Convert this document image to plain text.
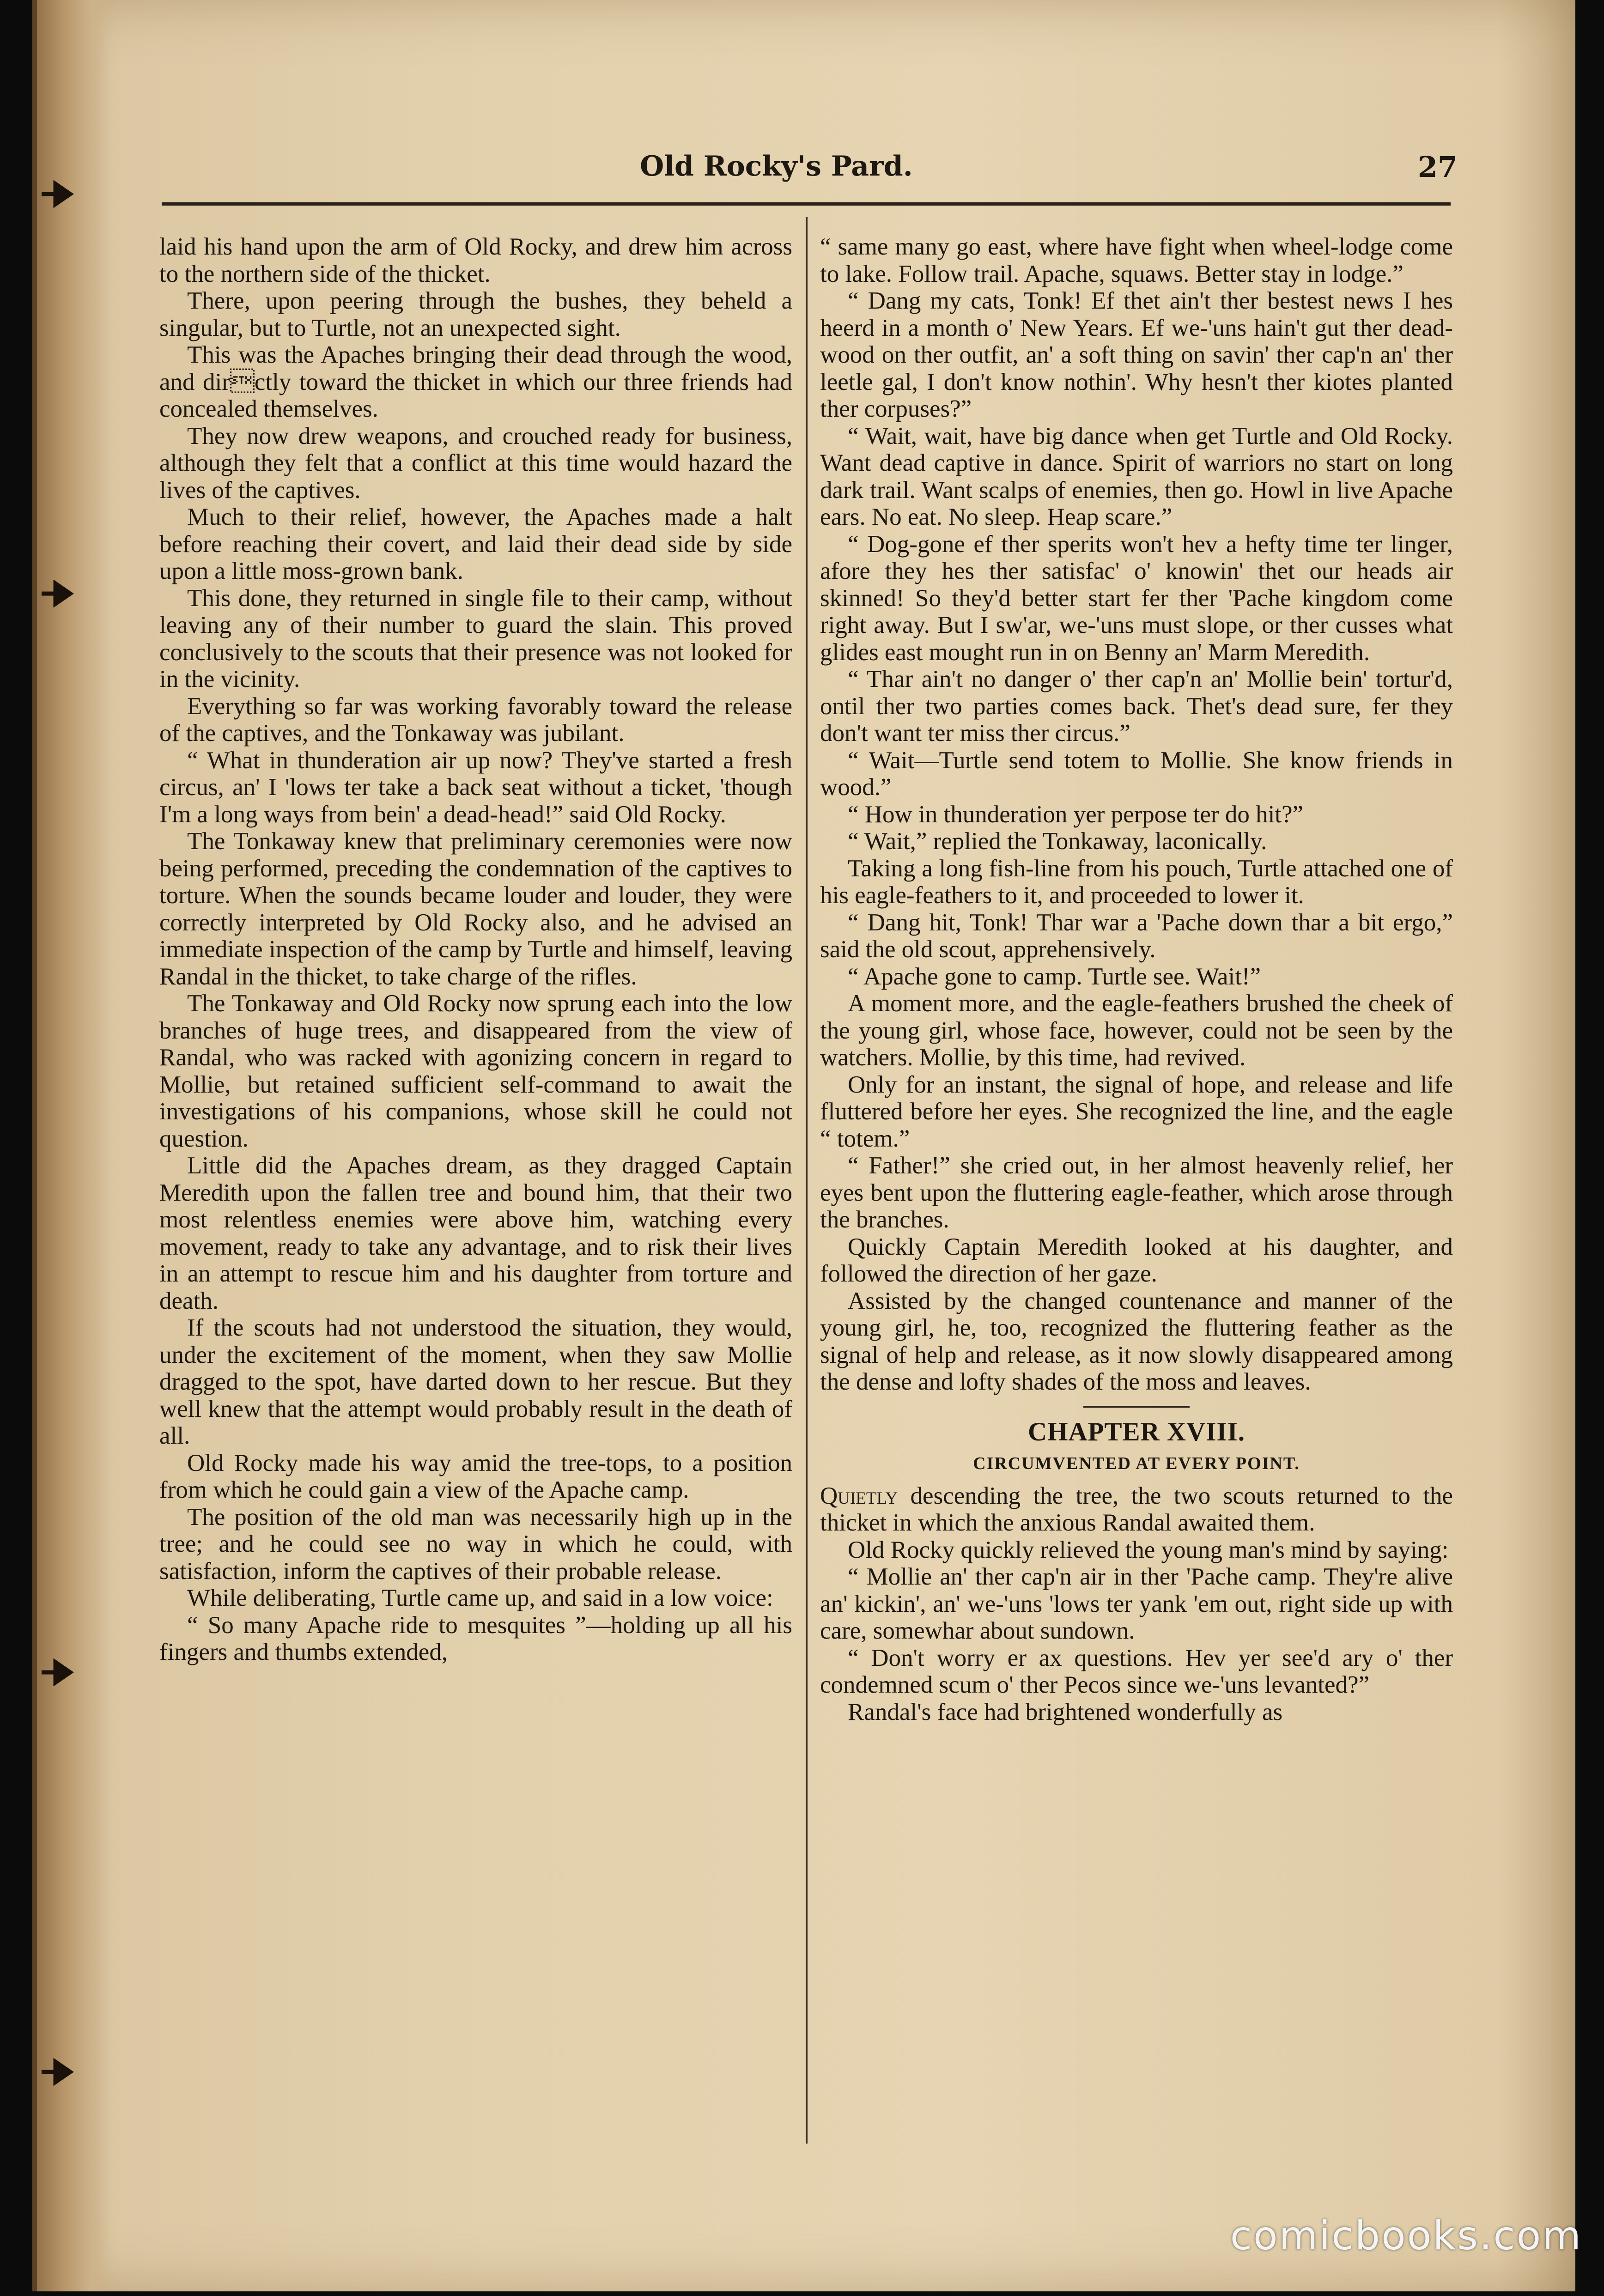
Old Rocky's Pard.	27

laid his hand upon the arm of Old Rocky, and drew him across to the northern side of the thicket.

There, upon peering through the bushes, they beheld a singular, but to Turtle, not an unexpected sight.

This was the Apaches bringing their dead through the wood, and dirctly toward the thicket in which our three friends had concealed themselves.

They now drew weapons, and crouched ready for business, although they felt that a conflict at this time would hazard the lives of the captives.

Much to their relief, however, the Apaches made a halt before reaching their covert, and laid their dead side by side upon a little moss-grown bank.

This done, they returned in single file to their camp, without leaving any of their number to guard the slain. This proved conclusively to the scouts that their presence was not looked for in the vicinity.

Everything so far was working favorably toward the release of the captives, and the Tonkaway was jubilant.

“ What in thunderation air up now? They've started a fresh circus, an' I 'lows ter take a back seat without a ticket, 'though I'm a long ways from bein' a dead-head!” said Old Rocky.

The Tonkaway knew that preliminary ceremonies were now being performed, preceding the condemnation of the captives to torture. When the sounds became louder and louder, they were correctly interpreted by Old Rocky also, and he advised an immediate inspection of the camp by Turtle and himself, leaving Randal in the thicket, to take charge of the rifles.

The Tonkaway and Old Rocky now sprung each into the low branches of huge trees, and disappeared from the view of Randal, who was racked with agonizing concern in regard to Mollie, but retained sufficient self-command to await the investigations of his companions, whose skill he could not question.

Little did the Apaches dream, as they dragged Captain Meredith upon the fallen tree and bound him, that their two most relentless enemies were above him, watching every movement, ready to take any advantage, and to risk their lives in an attempt to rescue him and his daughter from torture and death.

If the scouts had not understood the situation, they would, under the excitement of the moment, when they saw Mollie dragged to the spot, have darted down to her rescue. But they well knew that the attempt would probably result in the death of all.

Old Rocky made his way amid the tree-tops, to a position from which he could gain a view of the Apache camp.

The position of the old man was necessarily high up in the tree; and he could see no way in which he could, with satisfaction, inform the captives of their probable release.

While deliberating, Turtle came up, and said in a low voice:

“ So many Apache ride to mesquites ”—holding up all his fingers and thumbs extended,

“ same many go east, where have fight when wheel-lodge come to lake. Follow trail. Apache, squaws. Better stay in lodge.”

“ Dang my cats, Tonk! Ef thet ain't ther bestest news I hes heerd in a month o' New Years. Ef we-'uns hain't gut ther dead-wood on ther outfit, an' a soft thing on savin' ther cap'n an' ther leetle gal, I don't know nothin'. Why hesn't ther kiotes planted ther corpuses?”

“ Wait, wait, have big dance when get Turtle and Old Rocky. Want dead captive in dance. Spirit of warriors no start on long dark trail. Want scalps of enemies, then go. Howl in live Apache ears. No eat. No sleep. Heap scare.”

“ Dog-gone ef ther sperits won't hev a hefty time ter linger, afore they hes ther satisfac' o' knowin' thet our heads air skinned! So they'd better start fer ther 'Pache kingdom come right away. But I sw'ar, we-'uns must slope, or ther cusses what glides east mought run in on Benny an' Marm Meredith.

“ Thar ain't no danger o' ther cap'n an' Mollie bein' tortur'd, ontil ther two parties comes back. Thet's dead sure, fer they don't want ter miss ther circus.”

“ Wait—Turtle send totem to Mollie. She know friends in wood.”

“ How in thunderation yer perpose ter do hit?”

“ Wait,” replied the Tonkaway, laconically.

Taking a long fish-line from his pouch, Turtle attached one of his eagle-feathers to it, and proceeded to lower it.

“ Dang hit, Tonk! Thar war a 'Pache down thar a bit ergo,” said the old scout, apprehensively.

“ Apache gone to camp. Turtle see. Wait!”

A moment more, and the eagle-feathers brushed the cheek of the young girl, whose face, however, could not be seen by the watchers. Mollie, by this time, had revived.

Only for an instant, the signal of hope, and release and life fluttered before her eyes. She recognized the line, and the eagle “ totem.”

“ Father!” she cried out, in her almost heavenly relief, her eyes bent upon the fluttering eagle-feather, which arose through the branches.

Quickly Captain Meredith looked at his daughter, and followed the direction of her gaze.

Assisted by the changed countenance and manner of the young girl, he, too, recognized the fluttering feather as the signal of help and release, as it now slowly disappeared among the dense and lofty shades of the moss and leaves.

CHAPTER XVIII.
CIRCUMVENTED AT EVERY POINT.

Quietly descending the tree, the two scouts returned to the thicket in which the anxious Randal awaited them.

Old Rocky quickly relieved the young man's mind by saying:

“ Mollie an' ther cap'n air in ther 'Pache camp. They're alive an' kickin', an' we-'uns 'lows ter yank 'em out, right side up with care, somewhar about sundown.

“ Don't worry er ax questions. Hev yer see'd ary o' ther condemned scum o' ther Pecos since we-'uns levanted?”

Randal's face had brightened wonderfully as

comicbooks.com
